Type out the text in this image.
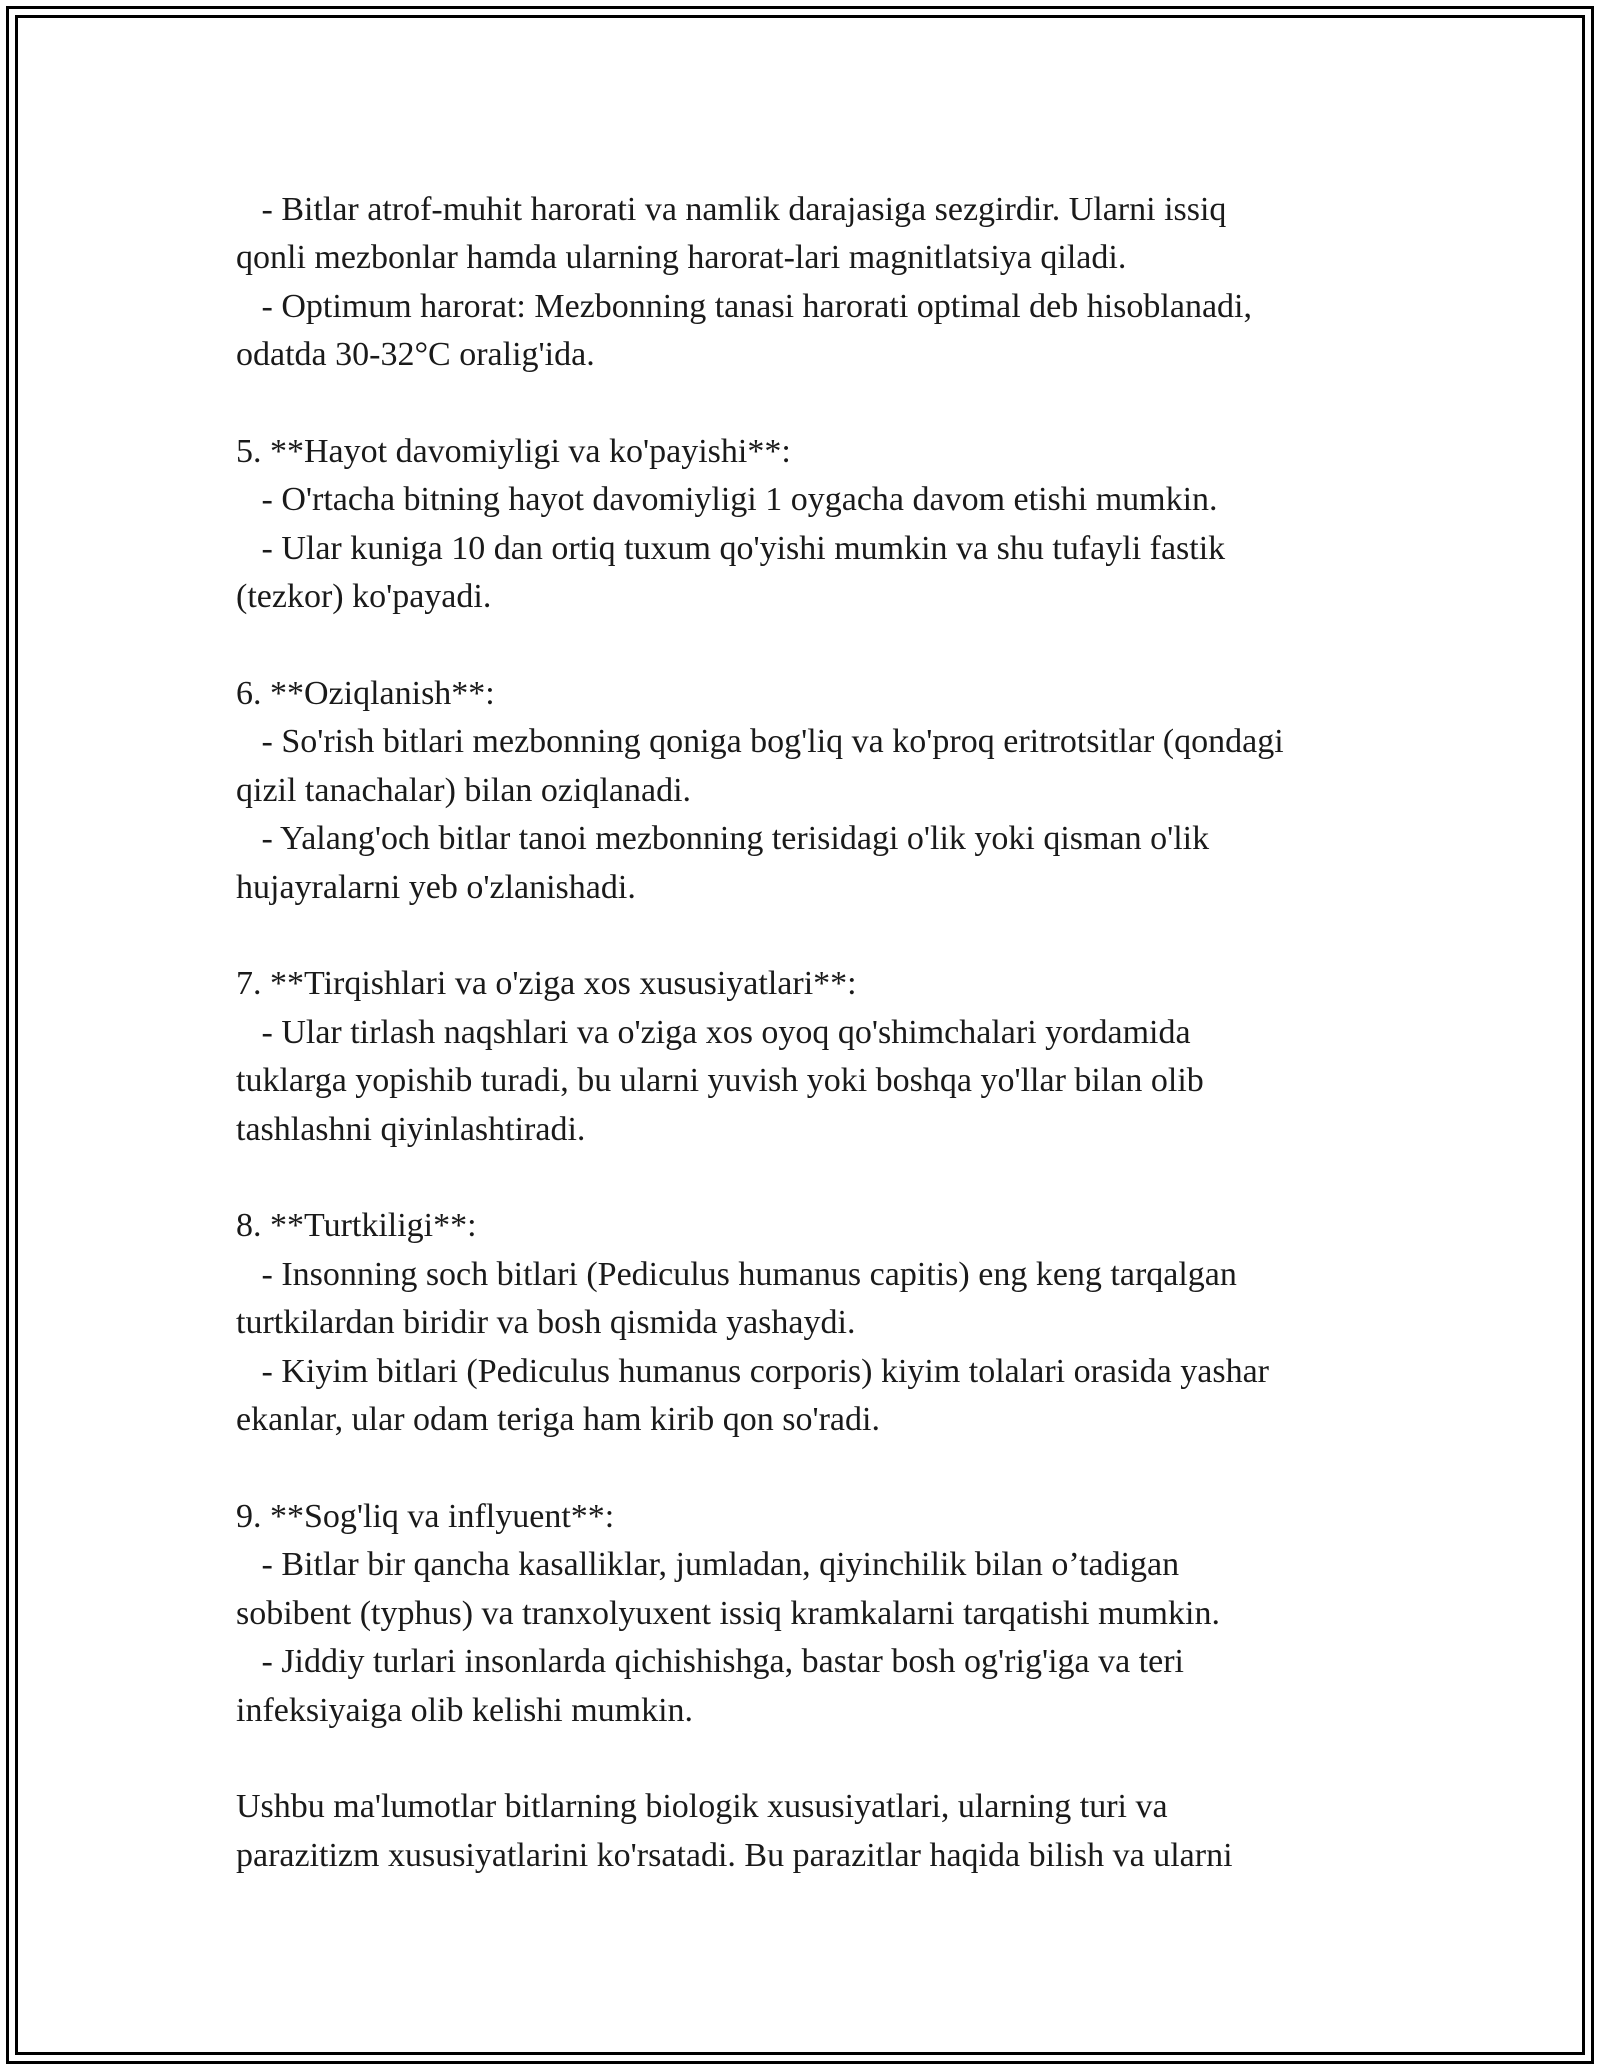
- Bitlar atrof-muhit harorati va namlik darajasiga sezgirdir. Ularni issiq
qonli mezbonlar hamda ularning harorat-lari magnitlatsiya qiladi.
- Optimum harorat: Mezbonning tanasi harorati optimal deb hisoblanadi,
odatda 30-32°C oralig'ida.
5. **Hayot davomiyligi va ko'payishi**:
- O'rtacha bitning hayot davomiyligi 1 oygacha davom etishi mumkin.
- Ular kuniga 10 dan ortiq tuxum qo'yishi mumkin va shu tufayli fastik
(tezkor) ko'payadi.
6. **Oziqlanish**:
- So'rish bitlari mezbonning qoniga bog'liq va ko'proq eritrotsitlar (qondagi
qizil tanachalar) bilan oziqlanadi.
- Yalang'och bitlar tanoi mezbonning terisidagi o'lik yoki qisman o'lik
hujayralarni yeb o'zlanishadi.
7. **Tirqishlari va o'ziga xos xususiyatlari**:
- Ular tirlash naqshlari va o'ziga xos oyoq qo'shimchalari yordamida
tuklarga yopishib turadi, bu ularni yuvish yoki boshqa yo'llar bilan olib
tashlashni qiyinlashtiradi.
8. **Turtkiligi**:
- Insonning soch bitlari (Pediculus humanus capitis) eng keng tarqalgan
turtkilardan biridir va bosh qismida yashaydi.
- Kiyim bitlari (Pediculus humanus corporis) kiyim tolalari orasida yashar
ekanlar, ular odam teriga ham kirib qon so'radi.
9. **Sog'liq va inflyuent**:
- Bitlar bir qancha kasalliklar, jumladan, qiyinchilik bilan o’tadigan
sobibent (typhus) va tranxolyuxent issiq kramkalarni tarqatishi mumkin.
- Jiddiy turlari insonlarda qichishishga, bastar bosh og'rig'iga va teri
infeksiyaiga olib kelishi mumkin.
Ushbu ma'lumotlar bitlarning biologik xususiyatlari, ularning turi va
parazitizm xususiyatlarini ko'rsatadi. Bu parazitlar haqida bilish va ularni
